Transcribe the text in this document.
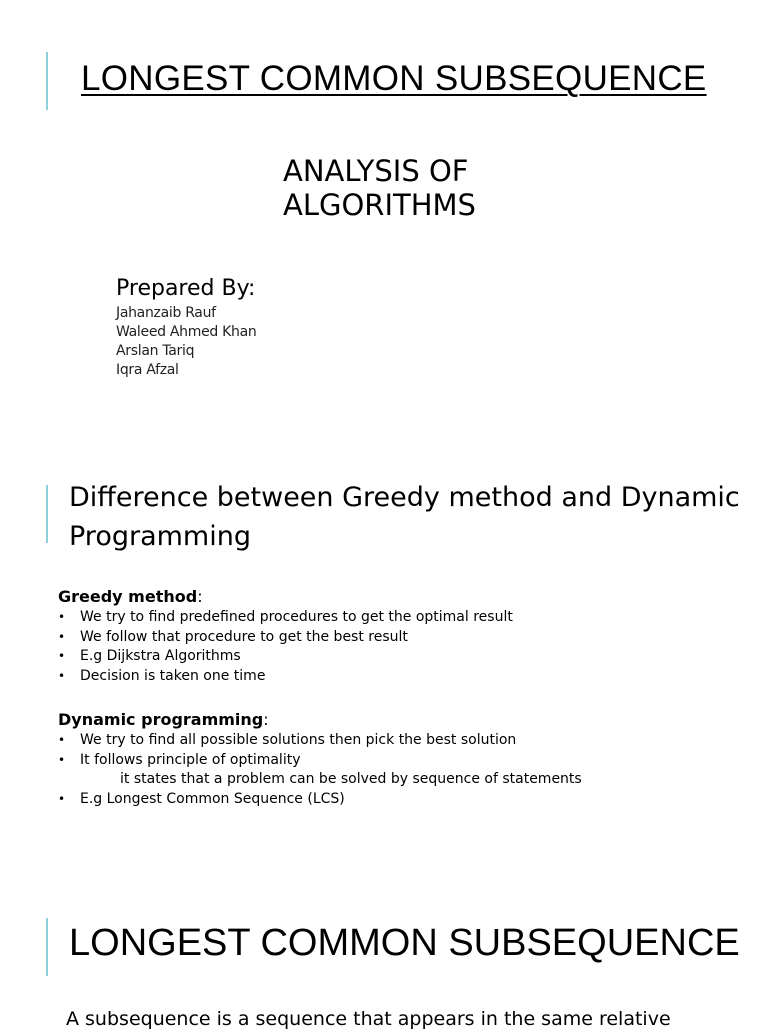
LONGEST COMMON SUBSEQUENCE
ANALYSIS OF
ALGORITHMS
Prepared By:
Jahanzaib Rauf
Waleed Ahmed Khan
Arslan Tariq
Iqra Afzal
Difference between Greedy method and Dynamic Programming
Greedy method:
• We try to find predefined procedures to get the optimal result
• We follow that procedure to get the best result
• E.g Dijkstra Algorithms
• Decision is taken one time
Dynamic programming:
• We try to find all possible solutions then pick the best solution
• It follows principle of optimality
it states that a problem can be solved by sequence of statements
• E.g Longest Common Sequence (LCS)
LONGEST COMMON SUBSEQUENCE

A subsequence is a sequence that appears in the same relative
